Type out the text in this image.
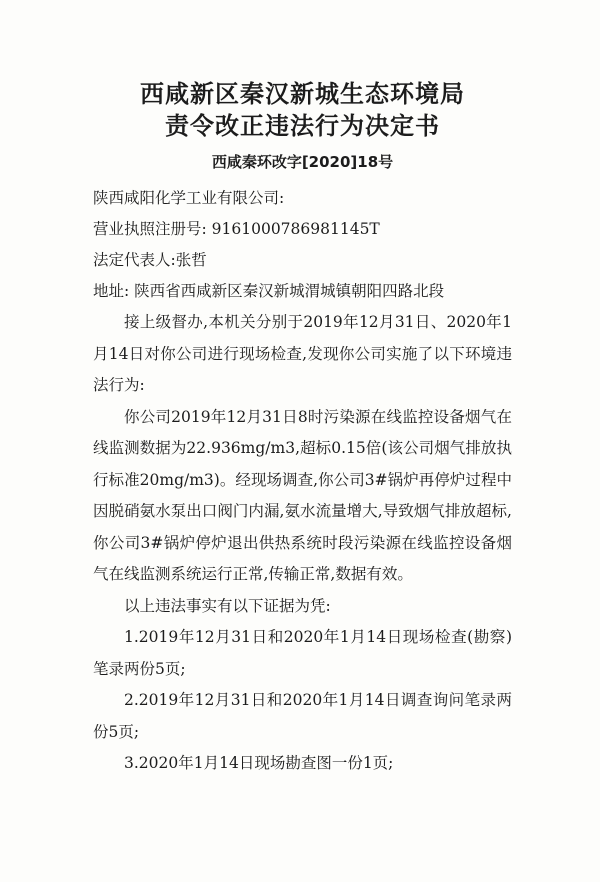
西咸新区秦汉新城生态环境局
责令改正违法行为决定书
西咸秦环改字[2020]18号

陕西咸阳化学工业有限公司:

营业执照注册号: 9161000786981145T

法定代表人:张哲

地址: 陕西省西咸新区秦汉新城渭城镇朝阳四路北段

接上级督办,本机关分别于2019年12月31日、2020年1月14日对你公司进行现场检查,发现你公司实施了以下环境违法行为:

你公司2019年12月31日8时污染源在线监控设备烟气在线监测数据为22.936mg/m3,超标0.15倍(该公司烟气排放执行标准20mg/m3)。经现场调查,你公司3#锅炉再停炉过程中因脱硝氨水泵出口阀门内漏,氨水流量增大,导致烟气排放超标,你公司3#锅炉停炉退出供热系统时段污染源在线监控设备烟气在线监测系统运行正常,传输正常,数据有效。

以上违法事实有以下证据为凭:

1.2019年12月31日和2020年1月14日现场检查(勘察)笔录两份5页;

2.2019年12月31日和2020年1月14日调查询问笔录两份5页;

3.2020年1月14日现场勘查图一份1页;
